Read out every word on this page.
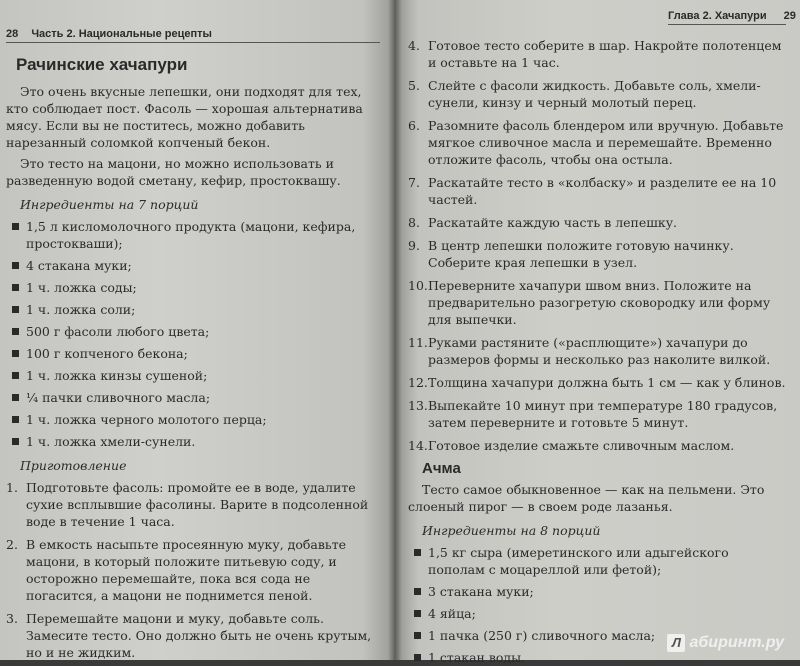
28 Часть 2. Национальные рецепты
Рачинские хачапури

Это очень вкусные лепешки, они подходят для тех, кто соблюдает пост. Фасоль — хорошая альтернатива мясу. Если вы не поститесь, можно добавить нарезанный соломкой копченый бекон.

Это тесто на мацони, но можно использовать и разведенную водой сметану, кефир, простоквашу.

Ингредиенты на 7 порций
1,5 л кисломолочного продукта (мацони, кефира, простокваши);
4 стакана муки;
1 ч. ложка соды;
1 ч. ложка соли;
500 г фасоли любого цвета;
100 г копченого бекона;
1 ч. ложка кинзы сушеной;
¼ пачки сливочного масла;
1 ч. ложка черного молотого перца;
1 ч. ложка хмели-сунели.
Приготовление
1. Подготовьте фасоль: промойте ее в воде, удалите сухие всплывшие фасолины. Варите в подсоленной воде в течение 1 часа.
2. В емкость насыпьте просеянную муку, добавьте мацони, в который положите питьевую соду, и осторожно перемешайте, пока вся сода не погасится, а мацони не поднимется пеной.
3. Перемешайте мацони и муку, добавьте соль. Замесите тесто. Оно должно быть не очень крутым, но и не жидким.
Глава 2. Хачапури 29
4. Готовое тесто соберите в шар. Накройте полотенцем и оставьте на 1 час.
5. Слейте с фасоли жидкость. Добавьте соль, хмели-сунели, кинзу и черный молотый перец.
6. Разомните фасоль блендером или вручную. Добавьте мягкое сливочное масла и перемешайте. Временно отложите фасоль, чтобы она остыла.
7. Раскатайте тесто в «колбаску» и разделите ее на 10 частей.
8. Раскатайте каждую часть в лепешку.
9. В центр лепешки положите готовую начинку. Соберите края лепешки в узел.
10. Переверните хачапури швом вниз. Положите на предварительно разогретую сковородку или форму для выпечки.
11. Руками растяните («расплющите») хачапури до размеров формы и несколько раз наколите вилкой.
12. Толщина хачапури должна быть 1 см — как у блинов.
13. Выпекайте 10 минут при температуре 180 градусов, затем переверните и готовьте 5 минут.
14. Готовое изделие смажьте сливочным маслом.
Ачма

Тесто самое обыкновенное — как на пельмени. Это слоеный пирог — в своем роде лазанья.

Ингредиенты на 8 порций
1,5 кг сыра (имеретинского или адыгейского пополам с моцареллой или фетой);
3 стакана муки;
4 яйца;
1 пачка (250 г) сливочного масла;
1 стакан воды.
Л абиринт.ру
